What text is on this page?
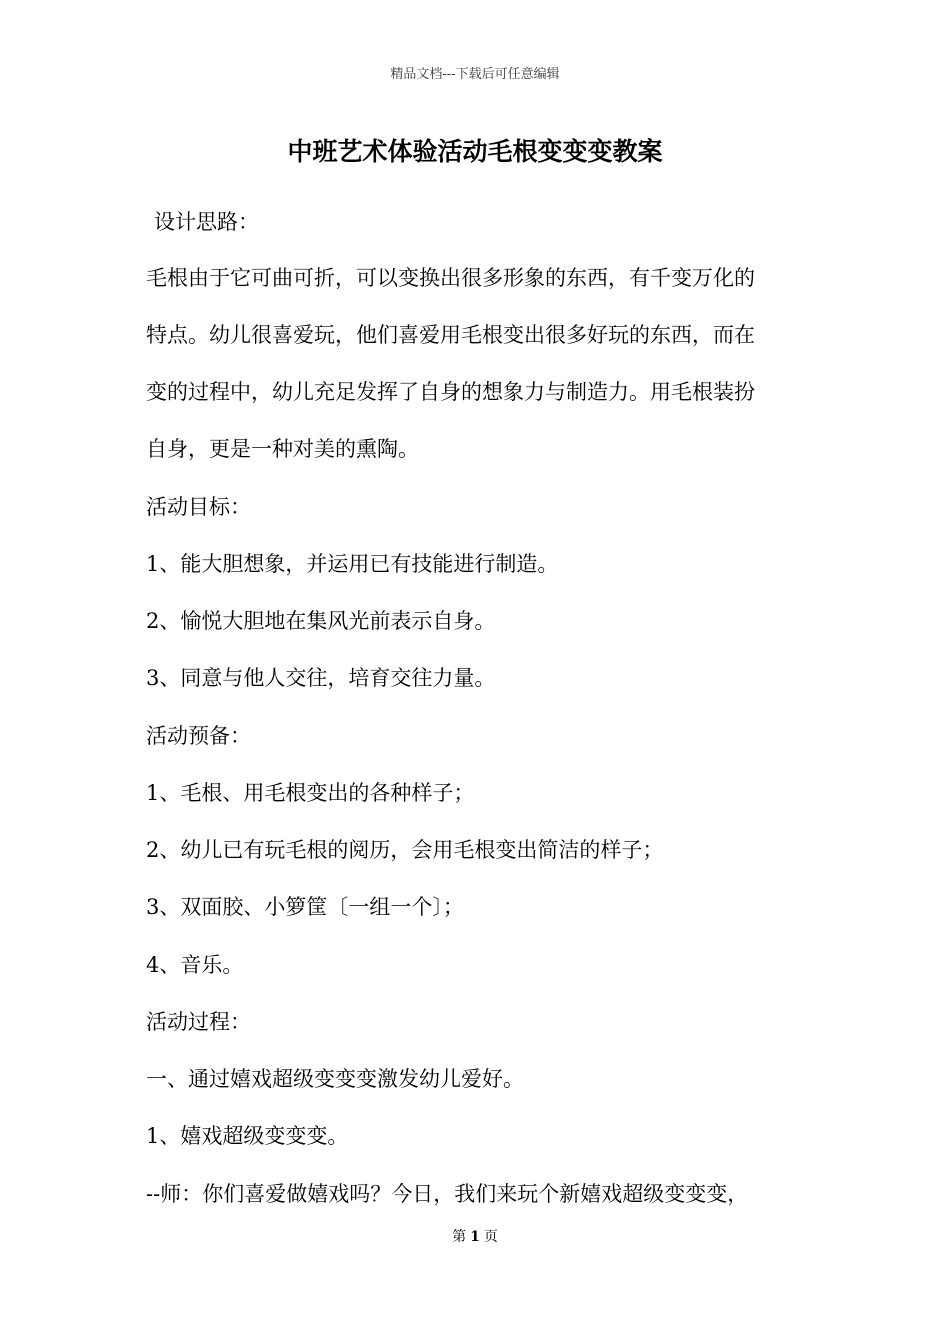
精品文档---下载后可任意编辑
中班艺术体验活动毛根变变变教案
设计思路：
毛根由于它可曲可折，可以变换出很多形象的东西，有千变万化的
特点。幼儿很喜爱玩，他们喜爱用毛根变出很多好玩的东西，而在
变的过程中，幼儿充足发挥了自身的想象力与制造力。用毛根装扮
自身，更是一种对美的熏陶。
活动目标：
1、能大胆想象，并运用已有技能进行制造。
2、愉悦大胆地在集风光前表示自身。
3、同意与他人交往，培育交往力量。
活动预备：
1、毛根、用毛根变出的各种样子；
2、幼儿已有玩毛根的阅历，会用毛根变出简洁的样子；
3、双面胶、小箩筐〔一组一个〕；
4、音乐。
活动过程：
一、通过嬉戏超级变变变激发幼儿爱好。
1、嬉戏超级变变变。
--师：你们喜爱做嬉戏吗？今日，我们来玩个新嬉戏超级变变变，
第 1 页
